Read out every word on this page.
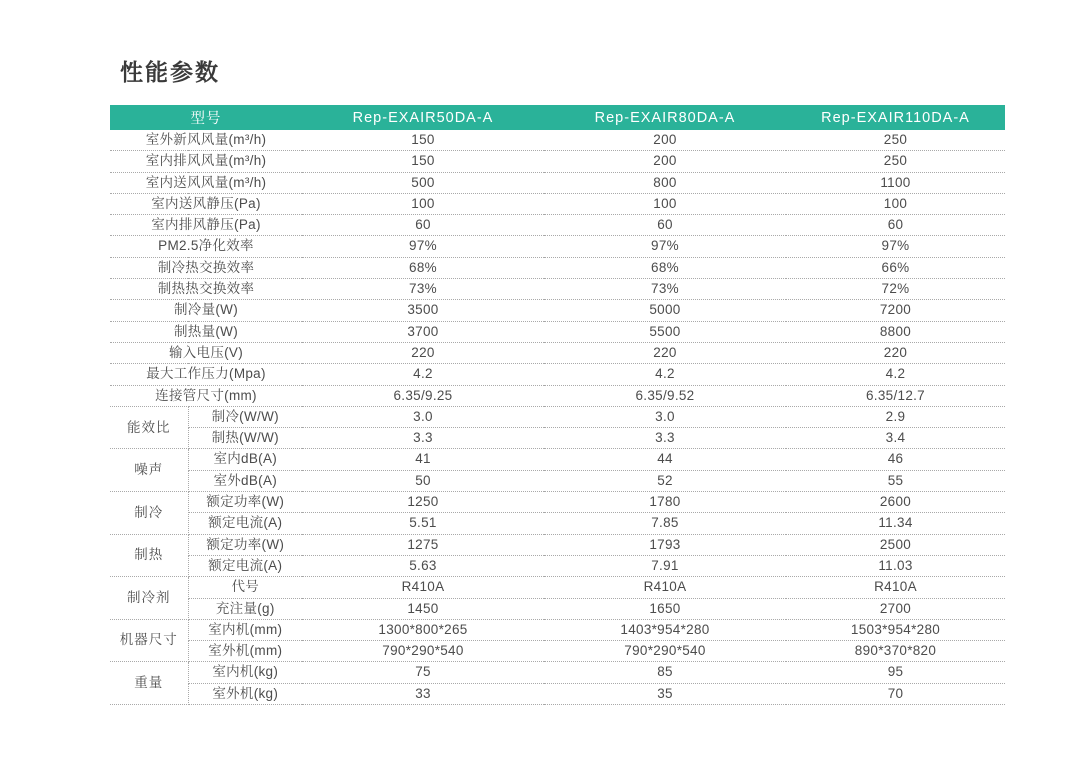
性能参数
型号		Rep-EXAIR50DA-A	Rep-EXAIR80DA-A	Rep-EXAIR110DA-A
室外新风风量(m³/h)		150	200	250
室内排风风量(m³/h)		150	200	250
室内送风风量(m³/h)		500	800	1100
室内送风静压(Pa)		100	100	100
室内排风静压(Pa)		60	60	60
PM2.5净化效率		97%	97%	97%
制冷热交换效率		68%	68%	66%
制热热交换效率		73%	73%	72%
制冷量(W)		3500	5000	7200
制热量(W)		3700	5500	8800
输入电压(V)		220	220	220
最大工作压力(Mpa)		4.2	4.2	4.2
连接管尺寸(mm)		6.35/9.25	6.35/9.52	6.35/12.7
能效比	制冷(W/W)	3.0	3.0	2.9
	制热(W/W)	3.3	3.3	3.4
噪声	室内dB(A)	41	44	46
	室外dB(A)	50	52	55
制冷	额定功率(W)	1250	1780	2600
	额定电流(A)	5.51	7.85	11.34
制热	额定功率(W)	1275	1793	2500
	额定电流(A)	5.63	7.91	11.03
制冷剂	代号	R410A	R410A	R410A
	充注量(g)	1450	1650	2700
机器尺寸	室内机(mm)	1300*800*265	1403*954*280	1503*954*280
	室外机(mm)	790*290*540	790*290*540	890*370*820
重量	室内机(kg)	75	85	95
	室外机(kg)	33	35	70
